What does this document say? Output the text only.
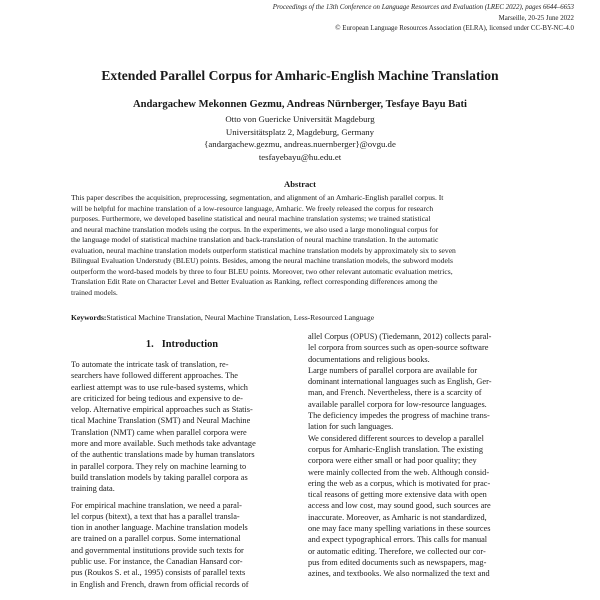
Proceedings of the 13th Conference on Language Resources and Evaluation (LREC 2022), pages 6644–6653
Marseille, 20-25 June 2022
© European Language Resources Association (ELRA), licensed under CC-BY-NC-4.0
Extended Parallel Corpus for Amharic-English Machine Translation
Andargachew Mekonnen Gezmu, Andreas Nürnberger, Tesfaye Bayu Bati
Otto von Guericke Universität Magdeburg
Universitätsplatz 2, Magdeburg, Germany
{andargachew.gezmu, andreas.nuernberger}@ovgu.de
tesfayebayu@hu.edu.et
Abstract
This paper describes the acquisition, preprocessing, segmentation, and alignment of an Amharic-English parallel corpus. It
will be helpful for machine translation of a low-resource language, Amharic. We freely released the corpus for research
purposes. Furthermore, we developed baseline statistical and neural machine translation systems; we trained statistical
and neural machine translation models using the corpus. In the experiments, we also used a large monolingual corpus for
the language model of statistical machine translation and back-translation of neural machine translation. In the automatic
evaluation, neural machine translation models outperform statistical machine translation models by approximately six to seven
Bilingual Evaluation Understudy (BLEU) points. Besides, among the neural machine translation models, the subword models
outperform the word-based models by three to four BLEU points. Moreover, two other relevant automatic evaluation metrics,
Translation Edit Rate on Character Level and Better Evaluation as Ranking, reflect corresponding differences among the
trained models.
Keywords:Statistical Machine Translation, Neural Machine Translation, Less-Resourced Language
1. Introduction
To automate the intricate task of translation, re-
searchers have followed different approaches. The
earliest attempt was to use rule-based systems, which
are criticized for being tedious and expensive to de-
velop. Alternative empirical approaches such as Statis-
tical Machine Translation (SMT) and Neural Machine
Translation (NMT) came when parallel corpora were
more and more available. Such methods take advantage
of the authentic translations made by human translators
in parallel corpora. They rely on machine learning to
build translation models by taking parallel corpora as
training data.
For empirical machine translation, we need a paral-
lel corpus (bitext), a text that has a parallel transla-
tion in another language. Machine translation models
are trained on a parallel corpus. Some international
and governmental institutions provide such texts for
public use. For instance, the Canadian Hansard cor-
pus (Roukos S. et al., 1995) consists of parallel texts
in English and French, drawn from official records of
allel Corpus (OPUS) (Tiedemann, 2012) collects paral-
lel corpora from sources such as open-source software
documentations and religious books.
Large numbers of parallel corpora are available for
dominant international languages such as English, Ger-
man, and French. Nevertheless, there is a scarcity of
available parallel corpora for low-resource languages.
The deficiency impedes the progress of machine trans-
lation for such languages.
We considered different sources to develop a parallel
corpus for Amharic-English translation. The existing
corpora were either small or had poor quality; they
were mainly collected from the web. Although consid-
ering the web as a corpus, which is motivated for prac-
tical reasons of getting more extensive data with open
access and low cost, may sound good, such sources are
inaccurate. Moreover, as Amharic is not standardized,
one may face many spelling variations in these sources
and expect typographical errors. This calls for manual
or automatic editing. Therefore, we collected our cor-
pus from edited documents such as newspapers, mag-
azines, and textbooks. We also normalized the text and
